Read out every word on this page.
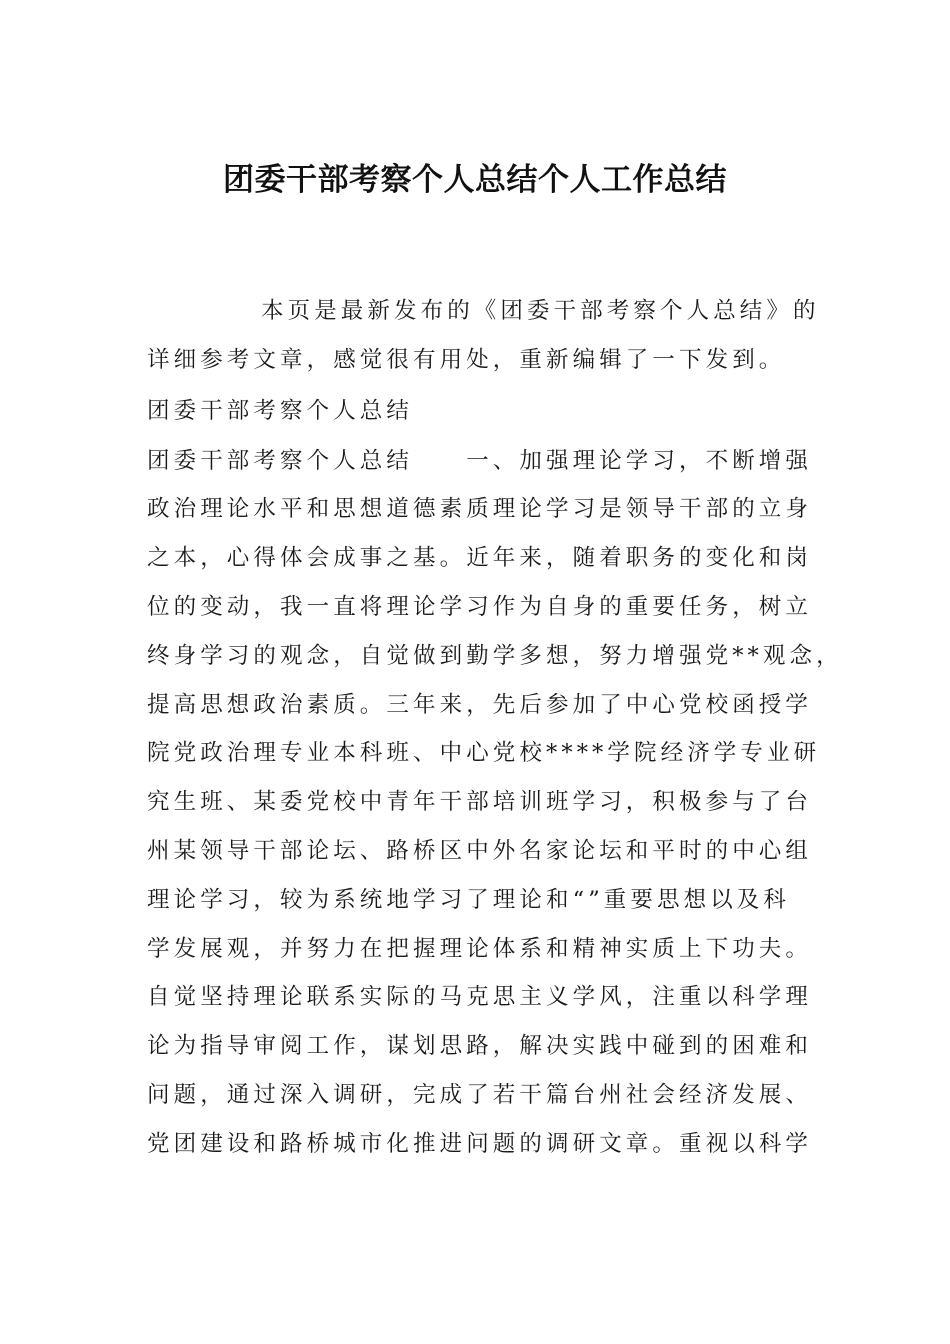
团委干部考察个人总结个人工作总结
本页是最新发布的《团委干部考察个人总结》的
详细参考文章，感觉很有用处，重新编辑了一下发到。
团委干部考察个人总结
团委干部考察个人总结　　一、加强理论学习，不断增强
政治理论水平和思想道德素质理论学习是领导干部的立身
之本，心得体会成事之基。近年来，随着职务的变化和岗
位的变动，我一直将理论学习作为自身的重要任务，树立
终身学习的观念，自觉做到勤学多想，努力增强党**观念，
提高思想政治素质。三年来，先后参加了中心党校函授学
院党政治理专业本科班、中心党校****学院经济学专业研
究生班、某委党校中青年干部培训班学习，积极参与了台
州某领导干部论坛、路桥区中外名家论坛和平时的中心组
理论学习，较为系统地学习了理论和“”重要思想以及科
学发展观，并努力在把握理论体系和精神实质上下功夫。
自觉坚持理论联系实际的马克思主义学风，注重以科学理
论为指导审阅工作，谋划思路，解决实践中碰到的困难和
问题，通过深入调研，完成了若干篇台州社会经济发展、
党团建设和路桥城市化推进问题的调研文章。重视以科学
